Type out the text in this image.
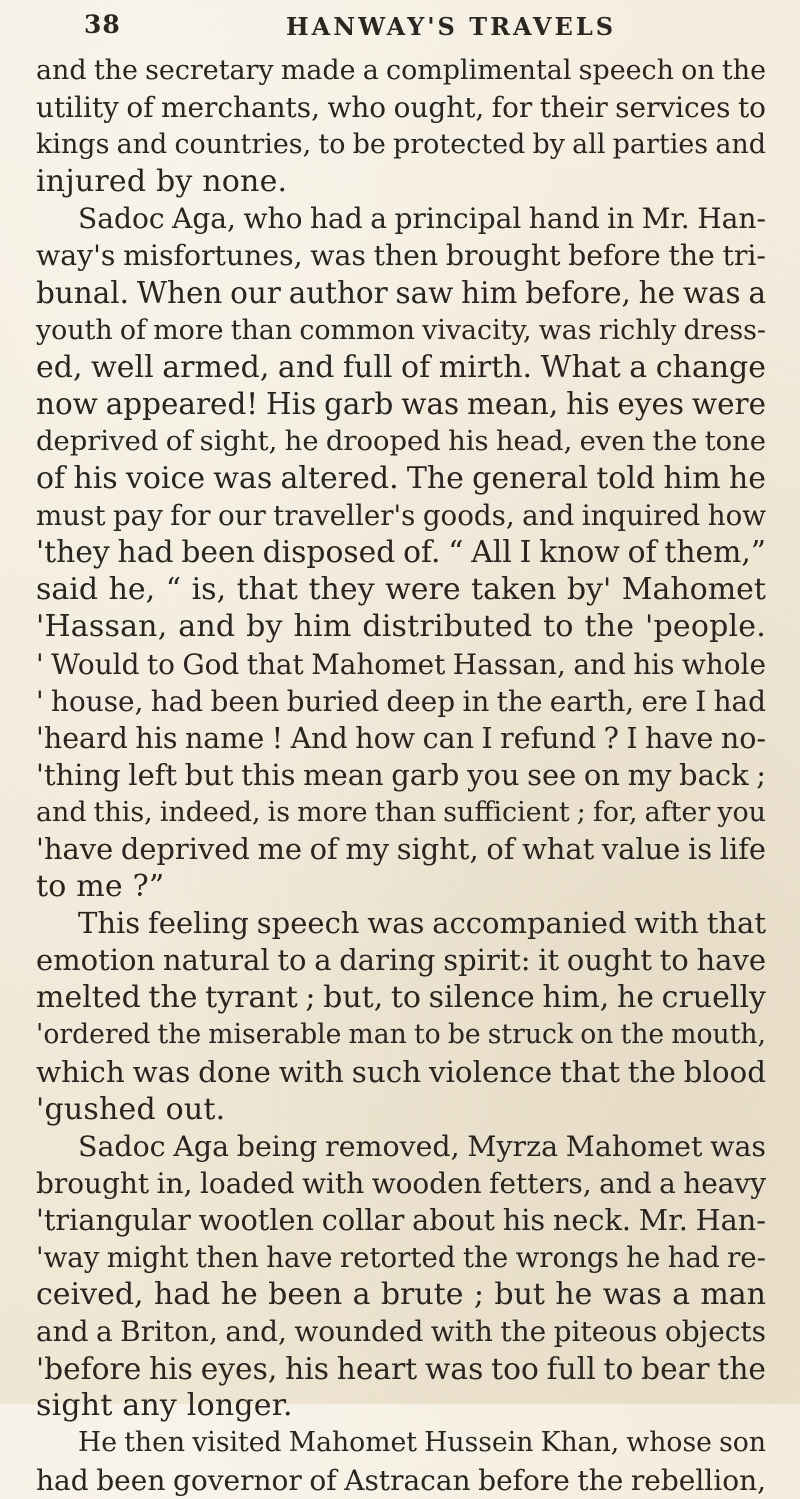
38	HANWAY'S TRAVELS
and the secretary made a complimental speech on the
utility of merchants, who ought, for their services to
kings and countries, to be protected by all parties and
injured by none.
Sadoc Aga, who had a principal hand in Mr. Han-
way's misfortunes, was then brought before the tri-
bunal. When our author saw him before, he was a
youth of more than common vivacity, was richly dress-
ed, well armed, and full of mirth. What a change
now appeared! His garb was mean, his eyes were
deprived of sight, he drooped his head, even the tone
of his voice was altered. The general told him he
must pay for our traveller's goods, and inquired how
'they had been disposed of. “ All I know of them,”
said he, “ is, that they were taken by' Mahomet
'Hassan, and by him distributed to the 'people.
' Would to God that Mahomet Hassan, and his whole
' house, had been buried deep in the earth, ere I had
'heard his name ! And how can I refund ? I have no-
'thing left but this mean garb you see on my back ;
and this, indeed, is more than sufficient ; for, after you
'have deprived me of my sight, of what value is life
to me ?”
This feeling speech was accompanied with that
emotion natural to a daring spirit: it ought to have
melted the tyrant ; but, to silence him, he cruelly
'ordered the miserable man to be struck on the mouth,
which was done with such violence that the blood
'gushed out.
Sadoc Aga being removed, Myrza Mahomet was
brought in, loaded with wooden fetters, and a heavy
'triangular wootlen collar about his neck. Mr. Han-
'way might then have retorted the wrongs he had re-
ceived, had he been a brute ; but he was a man
and a Briton, and, wounded with the piteous objects
'before his eyes, his heart was too full to bear the
sight any longer.
He then visited Mahomet Hussein Khan, whose son
had been governor of Astracan before the rebellion,
